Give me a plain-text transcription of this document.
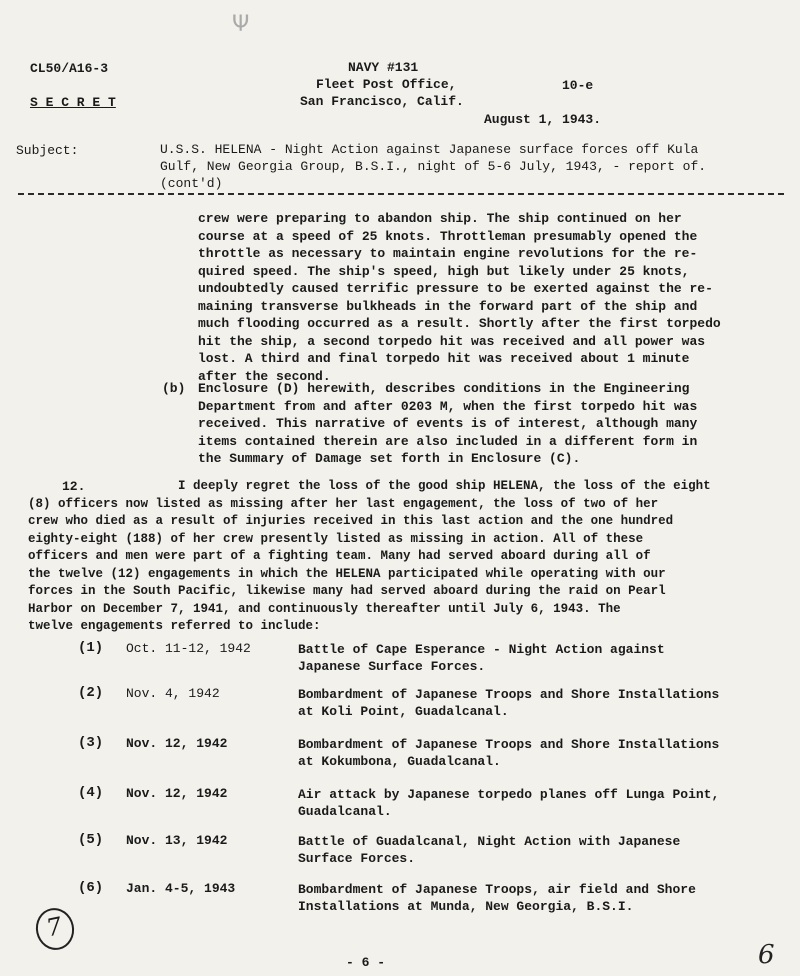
Ψ
CL50/A16-3
S E C R E T
NAVY #131
Fleet Post Office,	10-e
San Francisco, Calif.
August 1, 1943.
Subject:	U.S.S. HELENA - Night Action against Japanese surface forces off Kula
Gulf, New Georgia Group, B.S.I., night of 5-6 July, 1943, - report of.
(cont'd)
crew were preparing to abandon ship. The ship continued on her
course at a speed of 25 knots. Throttleman presumably opened the
throttle as necessary to maintain engine revolutions for the re-
quired speed. The ship's speed, high but likely under 25 knots,
undoubtedly caused terrific pressure to be exerted against the re-
maining transverse bulkheads in the forward part of the ship and
much flooding occurred as a result. Shortly after the first torpedo
hit the ship, a second torpedo hit was received and all power was
lost. A third and final torpedo hit was received about 1 minute
after the second.
(b) Enclosure (D) herewith, describes conditions in the Engineering
Department from and after 0203 M, when the first torpedo hit was
received. This narrative of events is of interest, although many
items contained therein are also included in a different form in
the Summary of Damage set forth in Enclosure (C).
12.	I deeply regret the loss of the good ship HELENA, the loss of the eight
(8) officers now listed as missing after her last engagement, the loss of two of her
crew who died as a result of injuries received in this last action and the one hundred
eighty-eight (188) of her crew presently listed as missing in action. All of these
officers and men were part of a fighting team. Many had served aboard during all of
the twelve (12) engagements in which the HELENA participated while operating with our
forces in the South Pacific, likewise many had served aboard during the raid on Pearl
Harbor on December 7, 1941, and continuously thereafter until July 6, 1943. The
twelve engagements referred to include:
(1) Oct. 11-12, 1942	Battle of Cape Esperance - Night Action against
Japanese Surface Forces.
(2) Nov. 4, 1942	Bombardment of Japanese Troops and Shore Installations
at Koli Point, Guadalcanal.
(3) Nov. 12, 1942	Bombardment of Japanese Troops and Shore Installations
at Kokumbona, Guadalcanal.
(4) Nov. 12, 1942	Air attack by Japanese torpedo planes off Lunga Point,
Guadalcanal.
(5) Nov. 13, 1942	Battle of Guadalcanal, Night Action with Japanese
Surface Forces.
(6) Jan. 4-5, 1943	Bombardment of Japanese Troops, air field and Shore
Installations at Munda, New Georgia, B.S.I.
7
- 6 -	6
